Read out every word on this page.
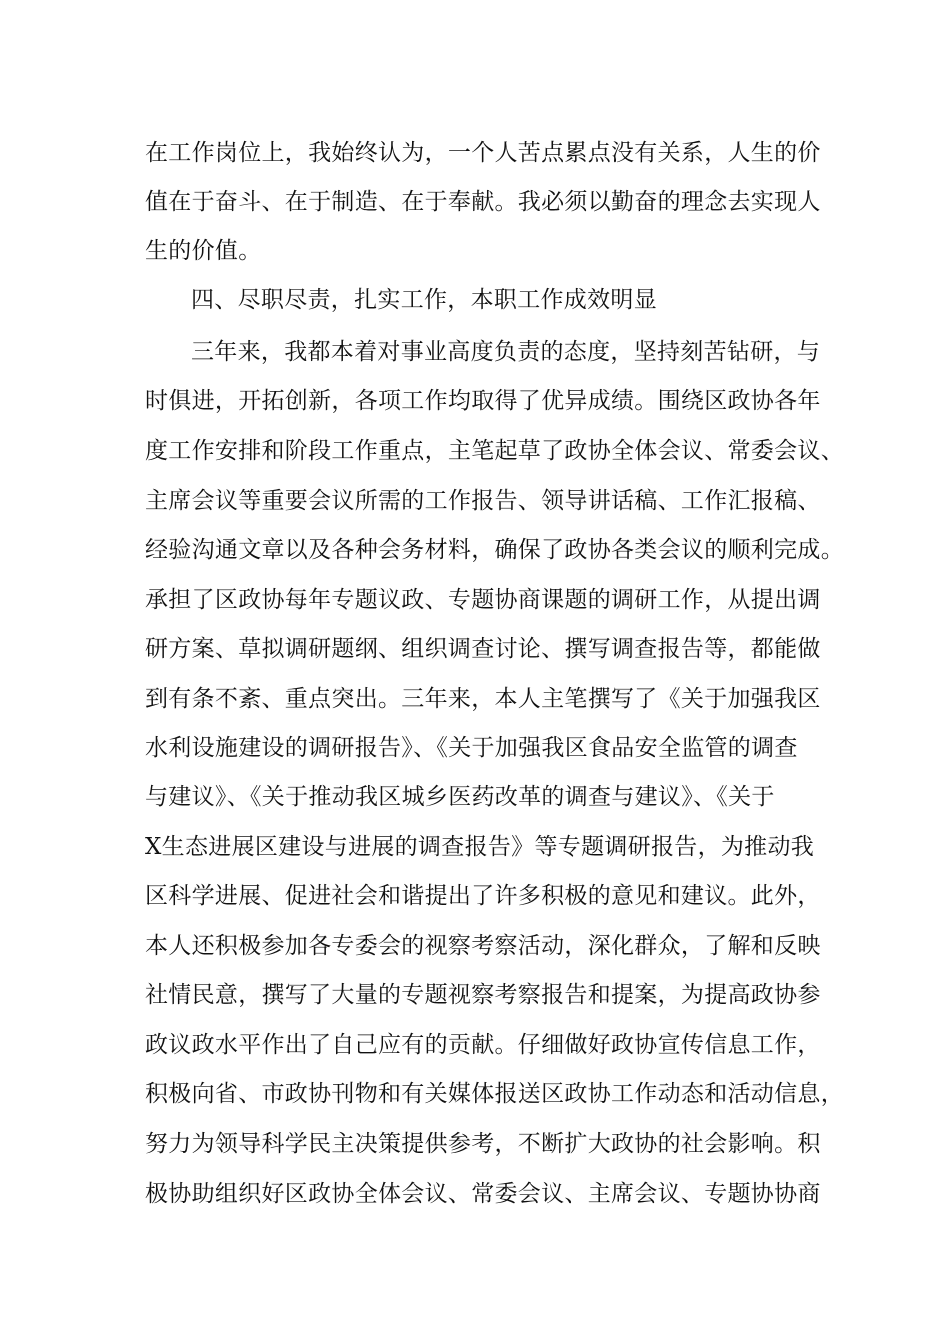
在工作岗位上，我始终认为，一个人苦点累点没有关系，人生的价
值在于奋斗、在于制造、在于奉献。我必须以勤奋的理念去实现人
生的价值。
四、尽职尽责，扎实工作，本职工作成效明显
三年来，我都本着对事业高度负责的态度，坚持刻苦钻研，与
时俱进，开拓创新，各项工作均取得了优异成绩。围绕区政协各年
度工作安排和阶段工作重点，主笔起草了政协全体会议、常委会议、
主席会议等重要会议所需的工作报告、领导讲话稿、工作汇报稿、
经验沟通文章以及各种会务材料，确保了政协各类会议的顺利完成。
承担了区政协每年专题议政、专题协商课题的调研工作，从提出调
研方案、草拟调研题纲、组织调查讨论、撰写调查报告等，都能做
到有条不紊、重点突出。三年来，本人主笔撰写了《关于加强我区
水利设施建设的调研报告》、《关于加强我区食品安全监管的调查
与建议》、《关于推动我区城乡医药改革的调查与建议》、《关于
X生态进展区建设与进展的调查报告》等专题调研报告，为推动我
区科学进展、促进社会和谐提出了许多积极的意见和建议。此外，
本人还积极参加各专委会的视察考察活动，深化群众，了解和反映
社情民意，撰写了大量的专题视察考察报告和提案，为提高政协参
政议政水平作出了自己应有的贡献。仔细做好政协宣传信息工作，
积极向省、市政协刊物和有关媒体报送区政协工作动态和活动信息，
努力为领导科学民主决策提供参考，不断扩大政协的社会影响。积
极协助组织好区政协全体会议、常委会议、主席会议、专题协协商
